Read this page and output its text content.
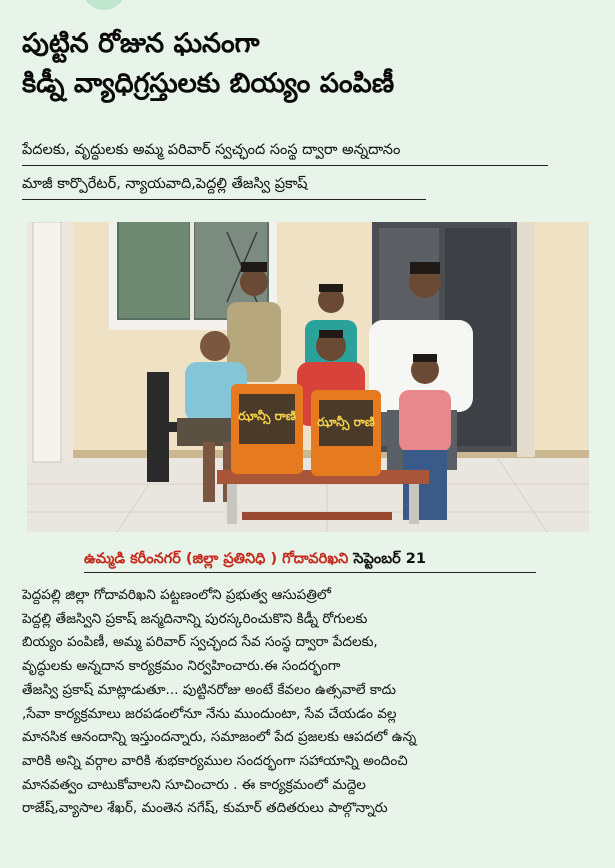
పుట్టిన రోజున ఘనంగా
కిడ్నీ వ్యాధిగ్రస్తులకు బియ్యం పంపిణీ
పేదలకు, వృద్ధులకు అమ్మ పరివార్ స్వచ్ఛంద సంస్థ ద్వారా అన్నదానం
మాజీ కార్పొరేటర్, న్యాయవాది,పెద్దల్లి తేజస్వి ప్రకాష్
ఝాన్సీ రాణి ఝాన్సీ రాణి
ఉమ్మడి కరీంనగర్ (జిల్లా ప్రతినిధి ) గోదావరిఖని సెప్టెంబర్ 21
పెద్దపల్లి జిల్లా గోదావరిఖని పట్టణంలోని ప్రభుత్వ ఆసుపత్రిలో
పెద్దల్లి తేజస్విని ప్రకాష్ జన్మదినాన్ని పురస్కరించుకొని కిడ్నీ రోగులకు
బియ్యం పంపిణీ, అమ్మ పరివార్ స్వచ్ఛంద సేవ సంస్థ ద్వారా పేదలకు,
వృద్ధులకు అన్నదాన కార్యక్రమం నిర్వహించారు.ఈ సందర్భంగా
తేజస్వి ప్రకాష్ మాట్లాడుతూ... పుట్టినరోజు అంటే కేవలం ఉత్సవాలే కాదు
,సేవా కార్యక్రమాలు జరపడంలోనూ నేను ముందుంటా, సేవ చేయడం వల్ల
మానసిక ఆనందాన్ని ఇస్తుందన్నారు, సమాజంలో పేద ప్రజలకు ఆపదలో ఉన్న
వారికి అన్ని వర్గాల వారికి శుభకార్యముల సందర్భంగా సహాయాన్ని అందించి
మానవత్వం చాటుకోవాలని సూచించారు . ఈ కార్యక్రమంలో మద్దెల
రాజేష్,వ్యాసాల శేఖర్, మంతెన నగేష్, కుమార్ తదితరులు పాల్గొన్నారు
